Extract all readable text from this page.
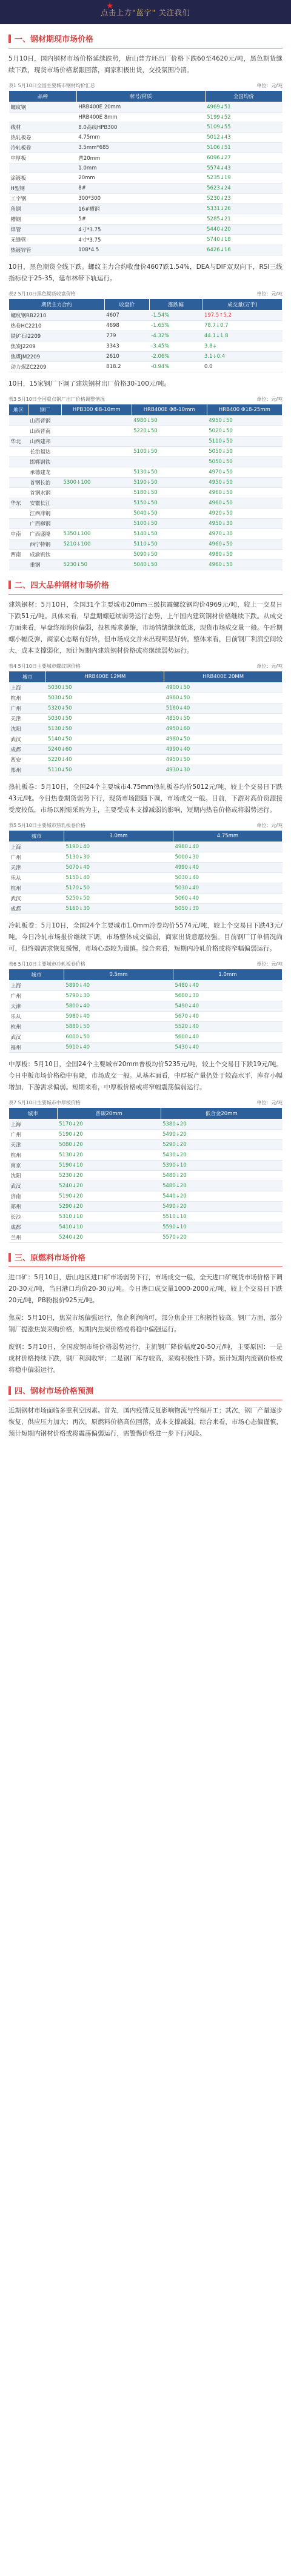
★
点击上方"蓝字" 关注我们
一、钢材期现市场价格

5月10日，国内钢材市场价格延续跌势，唐山普方坯出厂价格下跌60至4620元/吨，黑色期货继续下跌，现货市场价格紧跟回落，商家积极出货，交投氛围冷清。

表1 5月10日全国主要城市钢材均价汇总	单位：元/吨
品种	牌号/材质	全国均价
螺纹钢	HRB400E 20mm	4969↓51
	HRB400E 8mm	5199↓52
线材	8.0高线HPB300	5109↓55
热轧板卷	4.75mm	5012↓43
冷轧板卷	3.5mm*685	5106↓51
中厚板	普20mm	6096↓27
	1.0mm	5574↓43
涂镀板	20mm	5235↓19
H型钢	8#	5623↓24
工字钢	300*300	5230↓23
角钢	16#槽钢	5331↓26
槽钢	5#	5285↓21
焊管	4寸*3.75	5440↓20
无缝管	4寸*3.75	5740↓18
热镀锌管	108*4.5	6426↓16

10日，黑色期货全线下跌。螺纹主力合约收盘价4607跌1.54%，DEA与DIF双双向下，RSI三线指标位于25-35，延布林带下轨运行。

表2 5月10日黑色期货收盘价格	单位：元/吨
期货主力合约	收盘价	涨跌幅	成交量(万手)
螺纹钢RB2210	4607	-1.54%	197.5↑5.2
热卷HC2210	4698	-1.65%	78.7↓0.7
铁矿石I2209	779	-4.32%	44.1↓1.8
焦炭J2209	3343	-3.45%	3.8↓
焦煤JM2209	2610	-2.06%	3.1↓0.4
动力煤ZC2209	818.2	-0.94%	0.0

10日，15家钢厂下调了建筑钢材出厂价格30-100元/吨。

表3 5月10日全国重点钢厂出厂价格调整情况	单位：元/吨
地区	钢厂	HPB300 Φ8-10mm	HRB400E Φ8-10mm	HRB400 Φ18-25mm
	山西晋钢		4980↓50	4950↓50
	山西晋南		5220↓50	5020↓50
华北	山西建邦			5110↓50
	长治福达		5100↓50	5050↓50
	邯郸钢铁			5050↓50
	承德建龙		5130↓50	4970↓50
	首钢长治	5300↓100	5190↓50	4950↓50
	首钢水钢		5180↓50	4960↓50
华东	安徽长江		5150↓50	4960↓50
	江西萍钢		5040↓50	4920↓50
	广西柳钢		5100↓50	4950↓30
中南	广西盛隆	5350↓100	5140↓50	4970↓30
	西宁特钢	5210↓100	5110↓50	4960↓50
西南	成渝钒钛		5090↓50	4980↓50
	重钢	5230↓50	5040↓50	4960↓50
二、四大品种钢材市场价格

建筑钢材：5月10日，全国31个主要城市20mm三级抗震螺纹钢均价4969元/吨，较上一交易日下跌51元/吨。具体来看，早盘期螺延续弱势运行态势，上午国内建筑钢材价格继续下跌。从成交方面来看，早盘终端询价偏弱，投机需求萎缩，市场情绪继续低迷，现货市场成交量一般。午后期螺小幅反弹，商家心态略有好转，但市场成交并未出现明显好转。整体来看，目前钢厂利润空间较大，成本支撑弱化，预计短期内建筑钢材价格或将继续弱势运行。

表4 5月10日主要城市螺纹钢价格	单位：元/吨
城市	HRB400E 12MM	HRB400E 20MM
上海	5030↓50	4900↓50
杭州	5030↓50	4960↓50
广州	5320↓50	5160↓40
天津	5030↓50	4850↓50
沈阳	5130↓50	4950↓60
武汉	5140↓50	4980↓50
成都	5240↓60	4990↓40
西安	5220↓40	4950↓50
郑州	5110↓50	4930↓30

热轧板卷：5月10日，全国24个主要城市4.75mm热轧板卷均价5012元/吨，较上个交易日下跌43元/吨。今日热卷期货弱势下行，现货市场跟随下调，市场成交一般。目前，下游对高价资源接受度较低，市场以刚需采购为主，主要受成本支撑减弱的影响，短期内热卷价格或将弱势运行。

表5 5月10日主要城市热轧板卷价格	单位：元/吨
城市	3.0mm	4.75mm
上海	5190↓40	4980↓40
广州	5130↓30	5000↓30
天津	5070↓40	4990↓40
乐从	5150↓40	5030↓40
杭州	5170↓50	5030↓40
武汉	5250↓50	5060↓40
成都	5160↓30	5050↓30

冷轧板卷：5月10日，全国24个主要城市1.0mm冷卷均价5574元/吨，较上个交易日下跌43元/吨。今日冷轧市场报价继续下调，市场整体成交偏弱，商家出货意愿较强。目前钢厂订单情况尚可，但终端需求恢复缓慢，市场心态较为谨慎。综合来看，短期内冷轧价格或将窄幅偏弱运行。

表6 5月10日主要城市冷轧板卷价格	单位：元/吨
城市	0.5mm	1.0mm
上海	5890↓40	5480↓40
广州	5790↓30	5600↓30
天津	5800↓40	5490↓40
乐从	5980↓40	5670↓40
杭州	5880↓50	5520↓40
武汉	6000↓50	5600↓40
福州	5910↓40	5430↓40

中厚板：5月10日，全国24个主要城市20mm普板均价5235元/吨，较上个交易日下跌19元/吨。今日中板市场价格稳中有降，市场成交一般。从基本面看，中厚板产量仍处于较高水平，库存小幅增加，下游需求偏弱。短期来看，中厚板价格或将窄幅震荡偏弱运行。

表7 5月10日主要城市中厚板价格	单位：元/吨
城市	普碳20mm	低合金20mm
上海	5170↓20	5380↓20
广州	5190↓20	5490↓20
天津	5080↓20	5290↓20
杭州	5130↓20	5430↓20
南京	5190↓10	5390↓10
沈阳	5230↓20	5480↓20
武汉	5240↓20	5480↓20
济南	5190↓20	5440↓20
郑州	5290↓20	5490↓20
长沙	5310↓10	5510↓10
成都	5410↓10	5590↓10
兰州	5240↓20	5570↓20
三、原燃料市场价格

进口矿：5月10日，唐山地区进口矿市场弱势下行，市场成交一般，全天进口矿现货市场价格下调20-30元/吨，当日港口均价20-30元/吨。今日港口成交量1000-2000元/吨，较上个交易日下跌20元/吨，PB粉报价925元/吨。

焦炭：5月10日，焦炭市场偏强运行，焦企利润尚可，部分焦企开工积极性较高。钢厂方面，部分钢厂提涨焦炭采购价格，短期内焦炭价格或将稳中偏强运行。

废钢：5月10日，全国废钢市场价格弱势运行，主流钢厂降价幅度20-50元/吨，主要原因：一是成材价格持续下跌，钢厂利润收窄；二是钢厂库存较高，采购积极性下降。预计短期内废钢价格或将稳中偏弱运行。

四、钢材市场价格预测

近期钢材市场面临多重利空因素。首先，国内疫情反复影响物流与终端开工；其次，钢厂产量逐步恢复，供应压力加大；再次，原燃料价格高位回落，成本支撑减弱。综合来看，市场心态偏谨慎，预计短期内钢材价格或将震荡偏弱运行，需警惕价格进一步下行风险。
